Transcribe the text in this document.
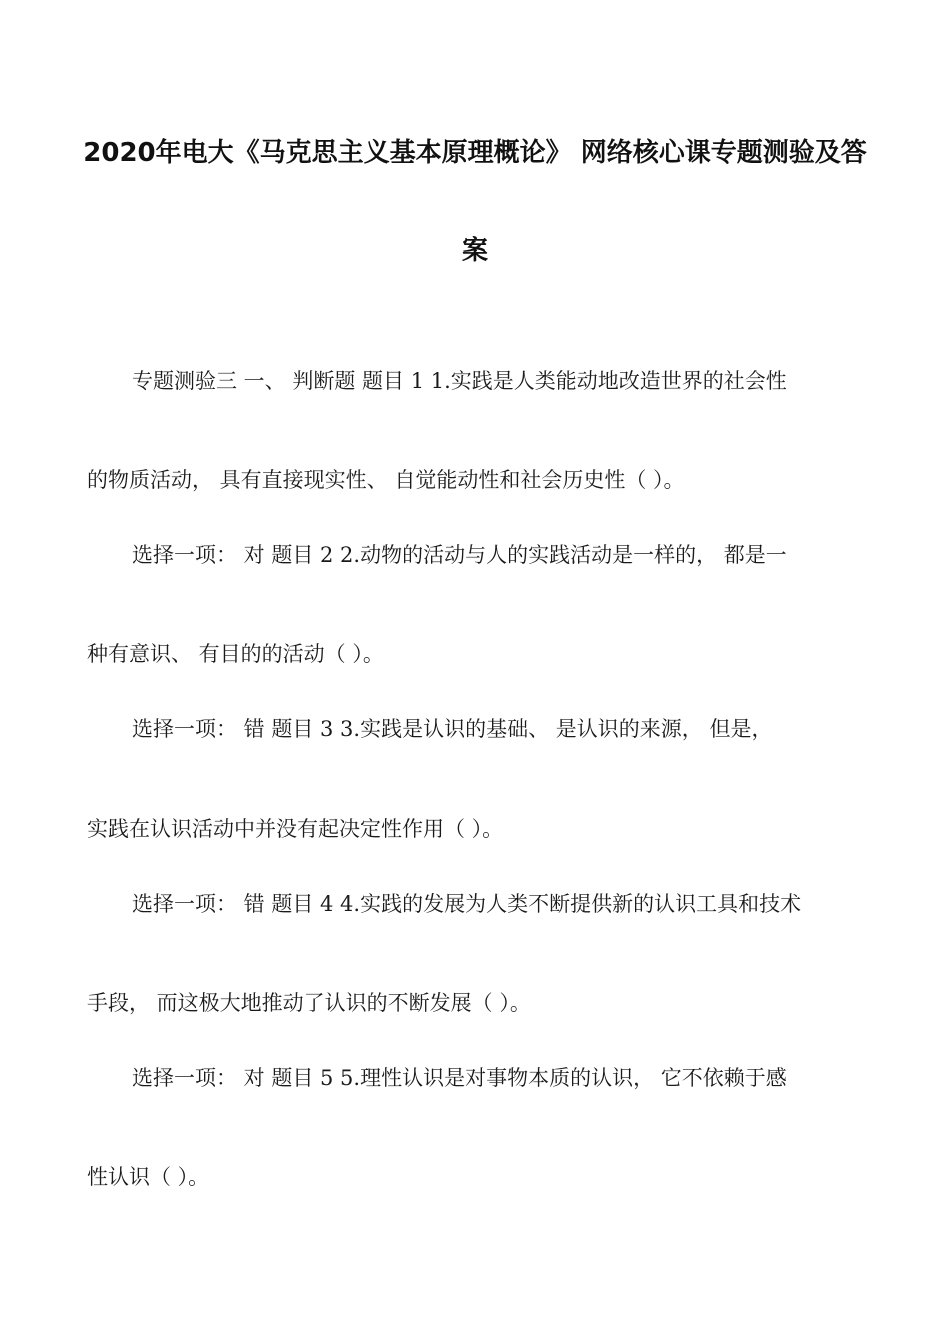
2020年电大《马克思主义基本原理概论》 网络核心课专题测验及答
案
专题测验三 一、 判断题 题目 1 1.实践是人类能动地改造世界的社会性
的物质活动， 具有直接现实性、 自觉能动性和社会历史性（ ）。
选择一项： 对 题目 2 2.动物的活动与人的实践活动是一样的， 都是一
种有意识、 有目的的活动（ ）。
选择一项： 错 题目 3 3.实践是认识的基础、 是认识的来源， 但是，
实践在认识活动中并没有起决定性作用（ ）。
选择一项： 错 题目 4 4.实践的发展为人类不断提供新的认识工具和技术
手段， 而这极大地推动了认识的不断发展（ ）。
选择一项： 对 题目 5 5.理性认识是对事物本质的认识， 它不依赖于感
性认识（ ）。
